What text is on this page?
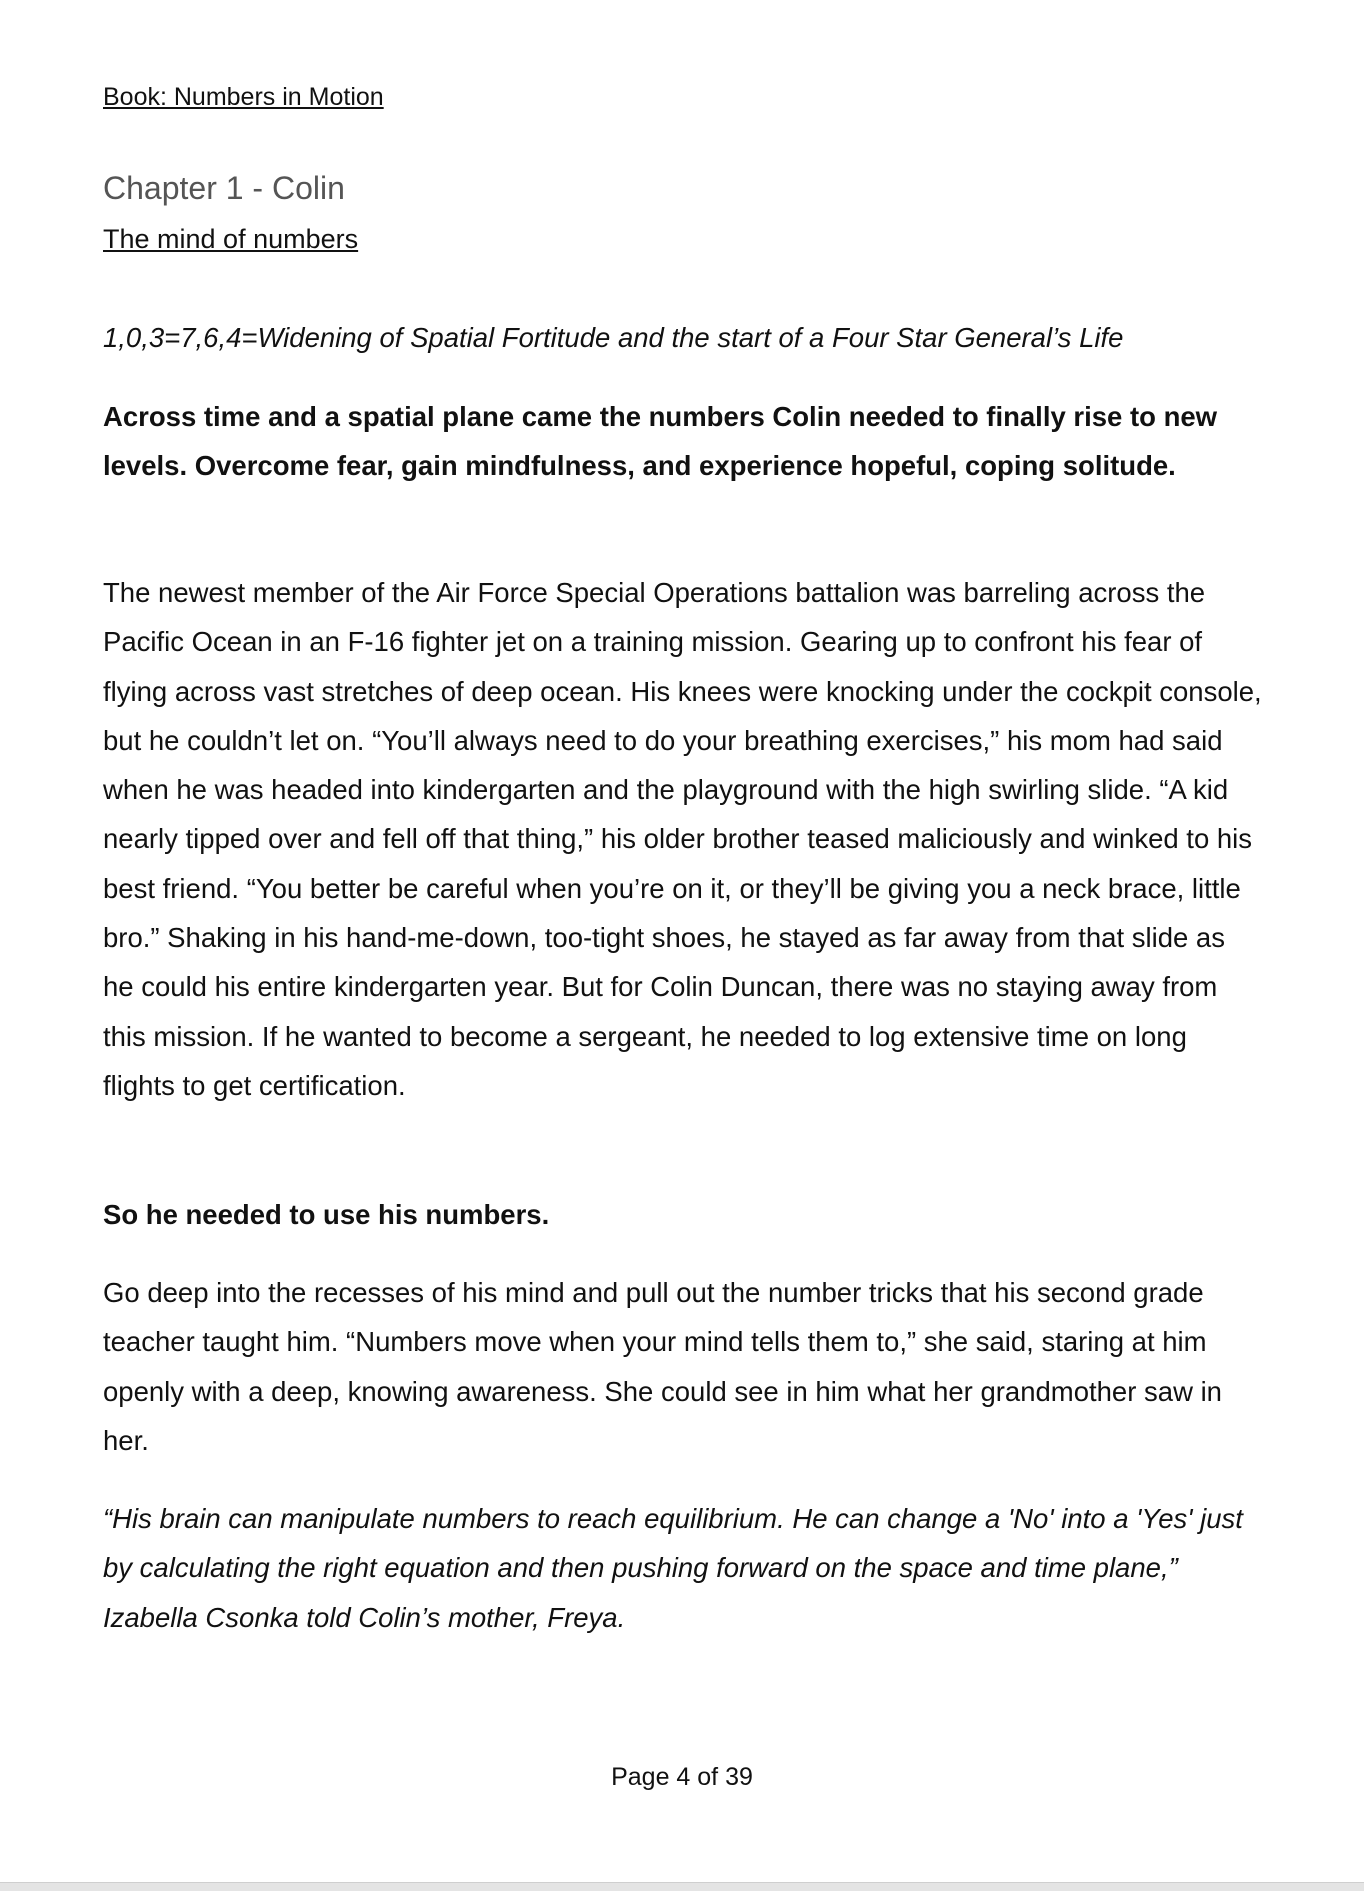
Book: Numbers in Motion
Chapter 1 - Colin
The mind of numbers

1,0,3=7,6,4=Widening of Spatial Fortitude and the start of a Four Star General’s Life

Across time and a spatial plane came the numbers Colin needed to finally rise to new levels. Overcome fear, gain mindfulness, and experience hopeful, coping solitude.

The newest member of the Air Force Special Operations battalion was barreling across the Pacific Ocean in an F-16 fighter jet on a training mission. Gearing up to confront his fear of flying across vast stretches of deep ocean. His knees were knocking under the cockpit console, but he couldn’t let on. “You’ll always need to do your breathing exercises,” his mom had said when he was headed into kindergarten and the playground with the high swirling slide. “A kid nearly tipped over and fell off that thing,” his older brother teased maliciously and winked to his best friend. “You better be careful when you’re on it, or they’ll be giving you a neck brace, little bro.” Shaking in his hand-me-down, too-tight shoes, he stayed as far away from that slide as he could his entire kindergarten year. But for Colin Duncan, there was no staying away from this mission. If he wanted to become a sergeant, he needed to log extensive time on long flights to get certification.

So he needed to use his numbers.

Go deep into the recesses of his mind and pull out the number tricks that his second grade teacher taught him. “Numbers move when your mind tells them to,” she said, staring at him openly with a deep, knowing awareness. She could see in him what her grandmother saw in her.

“His brain can manipulate numbers to reach equilibrium. He can change a 'No' into a 'Yes' just by calculating the right equation and then pushing forward on the space and time plane,” Izabella Csonka told Colin’s mother, Freya.

Page 4 of 39
